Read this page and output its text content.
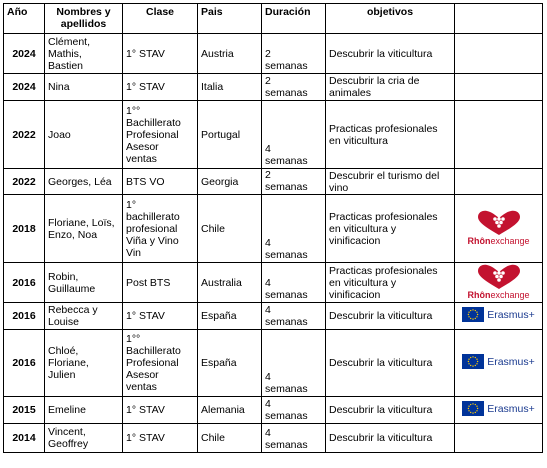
Año	Nombres y apellidos	Clase	Pais	Duración	objetivos	

2024	Clément,
Mathis,
Bastien	1° STAV	Austria	2
semanas	Descubrir la viticultura	

2024	Nina	1° STAV	Italia	2
semanas	Descubrir la cria de
animales	

2022	Joao	1°°
Bachillerato
Profesional
Asesor
ventas	Portugal	4
semanas	Practicas profesionales
en viticultura	

2022	Georges, Léa	BTS VO	Georgia	2
semanas	Descubrir el turismo del
vino	

2018	Floriane, Loïs,
Enzo, Noa	1°
bachillerato
profesional
Viña y Vino
Vin	Chile	4
semanas	Practicas profesionales
en viticultura y
vinificacion	Rhônexchange

2016	Robin,
Guillaume	Post BTS	Australia	4
semanas	Practicas profesionales
en viticultura y
vinificacion	Rhônexchange

2016	Rebecca y
Louise	1° STAV	España	4
semanas	Descubrir la viticultura	Erasmus+

2016	Chloé,
Floriane,
Julien	1°°
Bachillerato
Profesional
Asesor
ventas	España	4
semanas	Descubrir la viticultura	Erasmus+

2015	Emeline	1° STAV	Alemania	4
semanas	Descubrir la viticultura	Erasmus+

2014	Vincent,
Geoffrey	1° STAV	Chile	4
semanas	Descubrir la viticultura	
